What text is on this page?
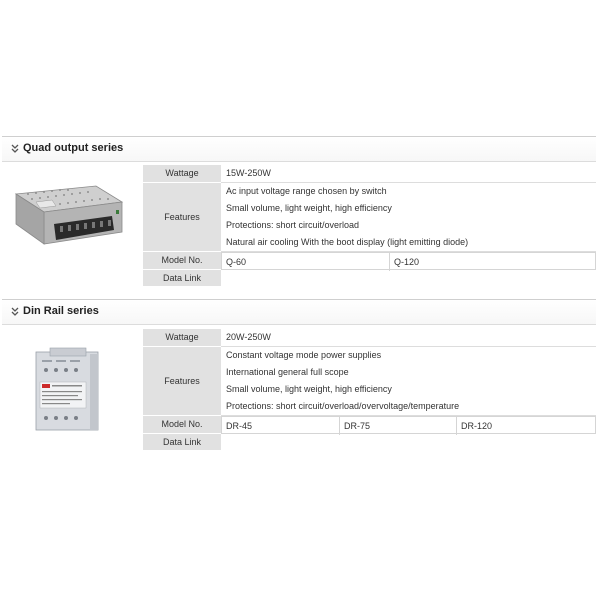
Quad output series
Wattage	15W-250W
Features	Ac input voltage range chosen by switch
Small volume, light weight, high efficiency
Protections: short circuit/overload
Natural air cooling With the boot display (light emitting diode)

Model No.	Q-60 Q-120

Data Link	
Din Rail series
Wattage	20W-250W
Features	Constant voltage mode power supplies
International general full scope
Small volume, light weight, high efficiency
Protections: short circuit/overload/overvoltage/temperature

Model No.	DR-45 DR-75 DR-120

Data Link	
